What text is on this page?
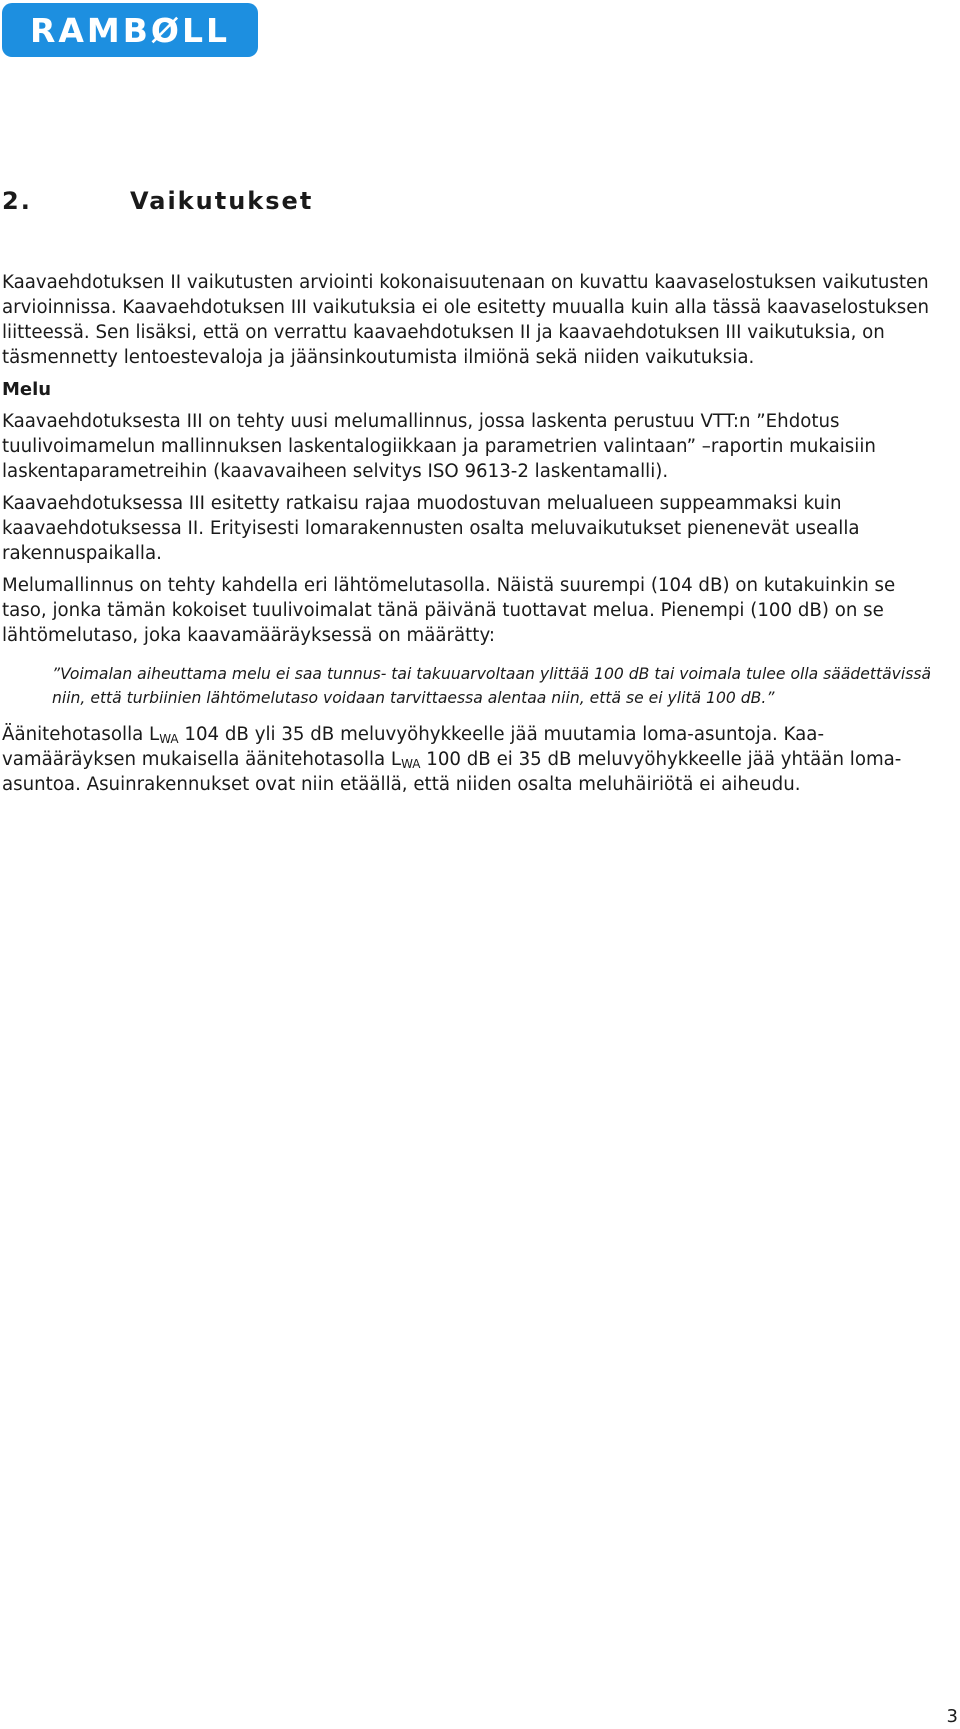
RAMBØLL
2.	Vaikutukset

Kaavaehdotuksen II vaikutusten arviointi kokonaisuutenaan on kuvattu kaavaselostuksen vaikutusten arvioinnissa. Kaavaehdotuksen III vaikutuksia ei ole esitetty muualla kuin alla tässä kaavaselostuksen liitteessä. Sen lisäksi, että on verrattu kaavaehdotuksen II ja kaavaehdotuksen III vaikutuksia, on täsmennetty lentoestevaloja ja jäänsinkoutumista ilmiönä sekä niiden vaikutuksia.

Melu

Kaavaehdotuksesta III on tehty uusi melumallinnus, jossa laskenta perustuu VTT:n ”Ehdotus tuulivoimamelun mallinnuksen laskentalogiikkaan ja parametrien valintaan” –raportin mukaisiin laskentaparametreihin (kaavavaiheen selvitys ISO 9613-2 laskentamalli).

Kaavaehdotuksessa III esitetty ratkaisu rajaa muodostuvan melualueen suppeammaksi kuin kaavaehdotuksessa II. Erityisesti lomarakennusten osalta meluvaikutukset pienenevät usealla rakennuspaikalla.

Melumallinnus on tehty kahdella eri lähtömelutasolla. Näistä suurempi (104 dB) on kutakuinkin se taso, jonka tämän kokoiset tuulivoimalat tänä päivänä tuottavat melua. Pienempi (100 dB) on se lähtömelutaso, joka kaavamääräyksessä on määrätty:

”Voimalan aiheuttama melu ei saa tunnus- tai takuuarvoltaan ylittää 100 dB tai voimala tulee olla säädettävissä niin, että turbiinien lähtömelutaso voidaan tarvittaessa alentaa niin, että se ei ylitä 100 dB.”

Äänitehotasolla $L_{WA}$ 104 dB yli 35 dB meluvyöhykkeelle jää muutamia loma-asuntoja. Kaavamääräyksen mukaisella äänitehotasolla $L_{WA}$ 100 dB ei 35 dB meluvyöhykkeelle jää yhtään loma-asuntoa. Asuinrakennukset ovat niin etäällä, että niiden osalta meluhäiriötä ei aiheudu.

3
